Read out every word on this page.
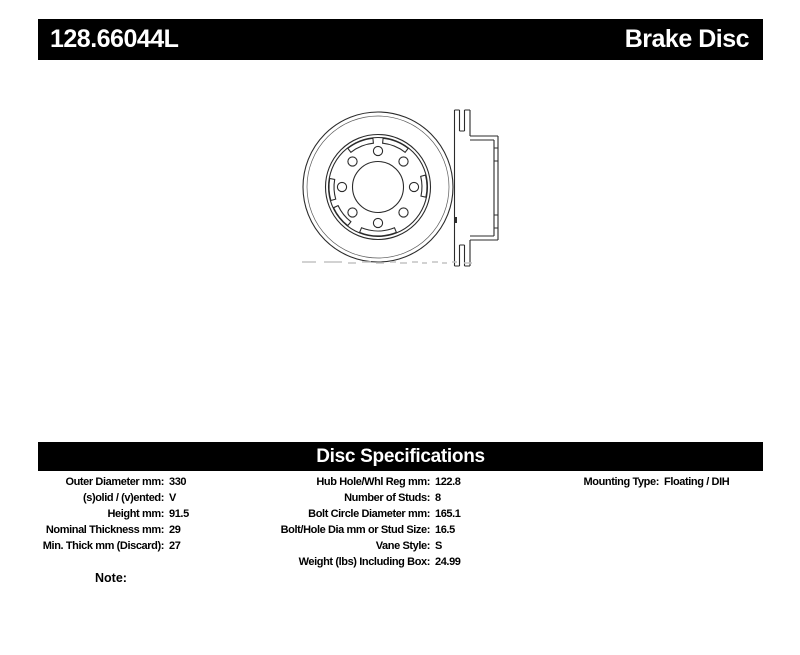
128.66044L	Brake Disc
Disc Specifications
Outer Diameter mm: 330
(s)olid / (v)ented: V
Height mm: 91.5
Nominal Thickness mm: 29
Min. Thick mm (Discard): 27
Hub Hole/Whl Reg mm: 122.8
Number of Studs: 8
Bolt Circle Diameter mm: 165.1
Bolt/Hole Dia mm or Stud Size: 16.5
Vane Style: S
Weight (lbs) Including Box: 24.99
Mounting Type: Floating / DIH
Note:
